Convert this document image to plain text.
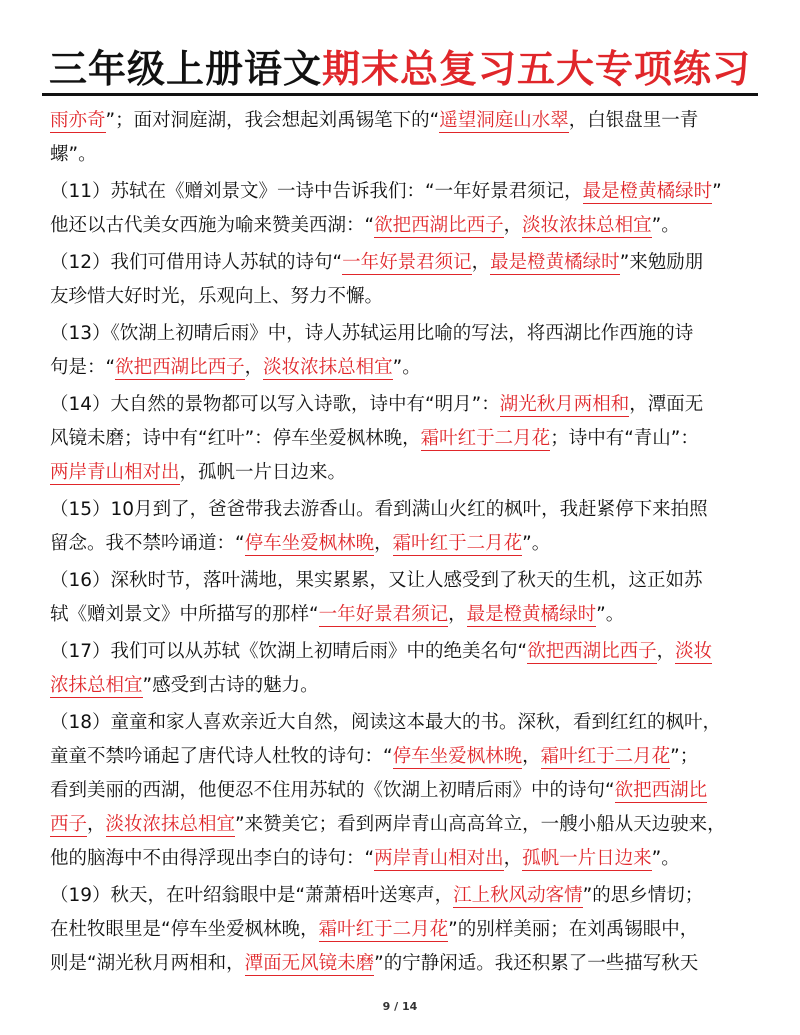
三年级上册语文期末总复习五大专项练习
雨亦奇”；面对洞庭湖，我会想起刘禹锡笔下的“遥望洞庭山水翠，白银盘里一青
螺”。
（11）苏轼在《赠刘景文》一诗中告诉我们：“一年好景君须记，最是橙黄橘绿时”
他还以古代美女西施为喻来赞美西湖：“欲把西湖比西子，淡妆浓抹总相宜”。
（12）我们可借用诗人苏轼的诗句“一年好景君须记，最是橙黄橘绿时”来勉励朋
友珍惜大好时光，乐观向上、努力不懈。
（13）《饮湖上初晴后雨》中，诗人苏轼运用比喻的写法，将西湖比作西施的诗
句是：“欲把西湖比西子，淡妆浓抹总相宜”。
（14）大自然的景物都可以写入诗歌，诗中有“明月”：湖光秋月两相和，潭面无
风镜未磨；诗中有“红叶”：停车坐爱枫林晚，霜叶红于二月花；诗中有“青山”：
两岸青山相对出，孤帆一片日边来。
（15）10月到了，爸爸带我去游香山。看到满山火红的枫叶，我赶紧停下来拍照
留念。我不禁吟诵道：“停车坐爱枫林晚，霜叶红于二月花”。
（16）深秋时节，落叶满地，果实累累，又让人感受到了秋天的生机，这正如苏
轼《赠刘景文》中所描写的那样“一年好景君须记，最是橙黄橘绿时”。
（17）我们可以从苏轼《饮湖上初晴后雨》中的绝美名句“欲把西湖比西子，淡妆
浓抹总相宜”感受到古诗的魅力。
（18）童童和家人喜欢亲近大自然，阅读这本最大的书。深秋，看到红红的枫叶，
童童不禁吟诵起了唐代诗人杜牧的诗句：“停车坐爱枫林晚，霜叶红于二月花”；
看到美丽的西湖，他便忍不住用苏轼的《饮湖上初晴后雨》中的诗句“欲把西湖比
西子，淡妆浓抹总相宜”来赞美它；看到两岸青山高高耸立，一艘小船从天边驶来，
他的脑海中不由得浮现出李白的诗句：“两岸青山相对出，孤帆一片日边来”。
（19）秋天，在叶绍翁眼中是“萧萧梧叶送寒声，江上秋风动客情”的思乡情切；
在杜牧眼里是“停车坐爱枫林晚，霜叶红于二月花”的别样美丽；在刘禹锡眼中，
则是“湖光秋月两相和，潭面无风镜未磨”的宁静闲适。我还积累了一些描写秋天
9 / 14
